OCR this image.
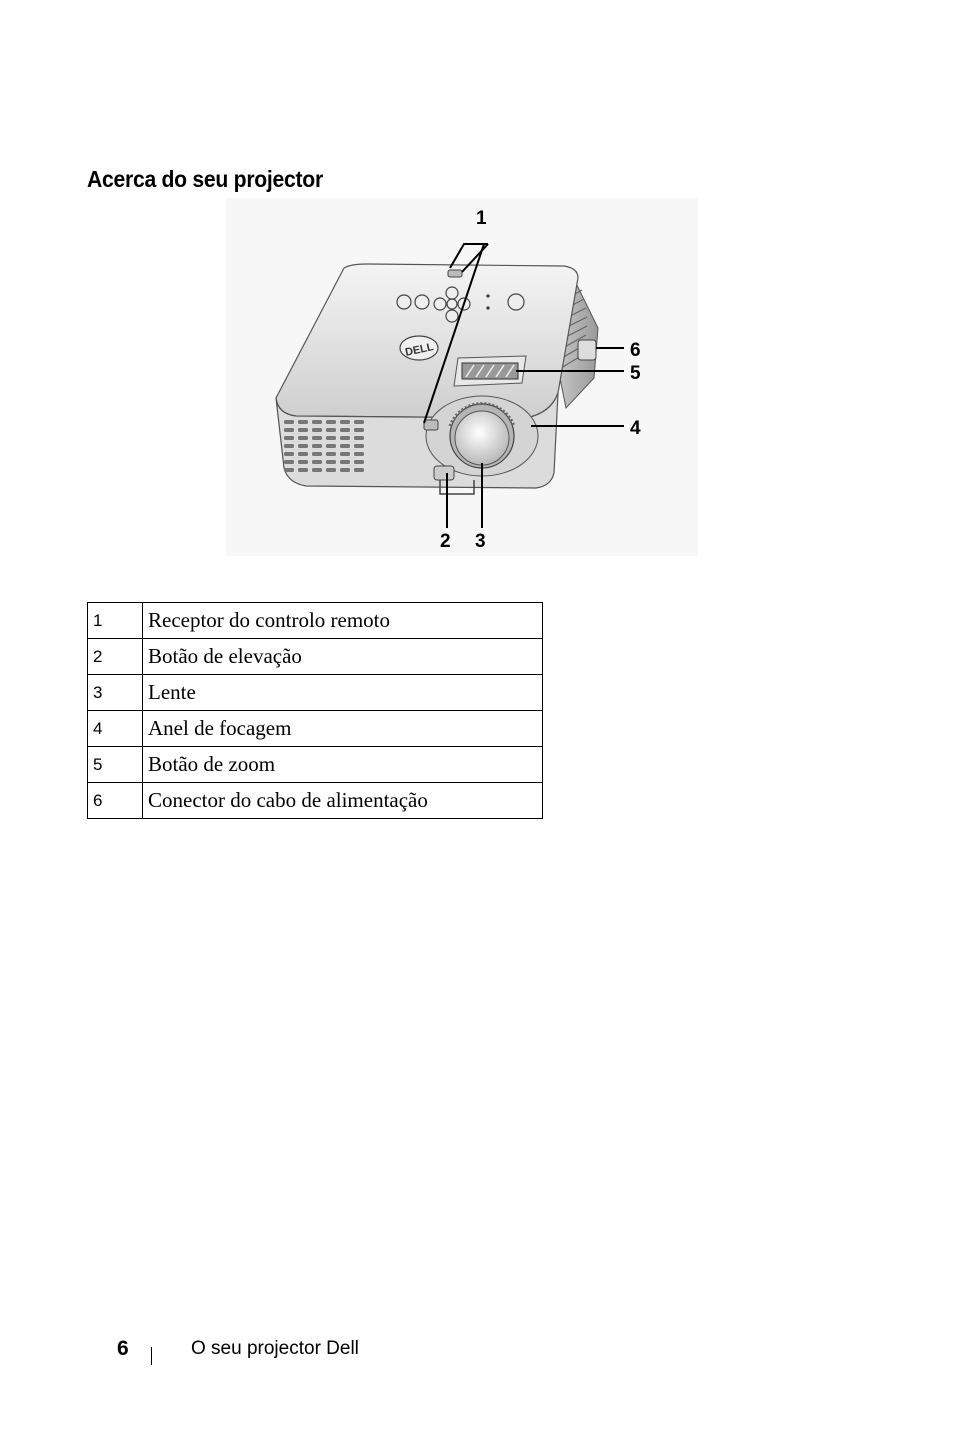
Acerca do seu projector
DELL
1
2 3
4
5
6
1	Receptor do controlo remoto
2	Botão de elevação
3	Lente
4	Anel de focagem
5	Botão de zoom
6	Conector do cabo de alimentação
6	O seu projector Dell
